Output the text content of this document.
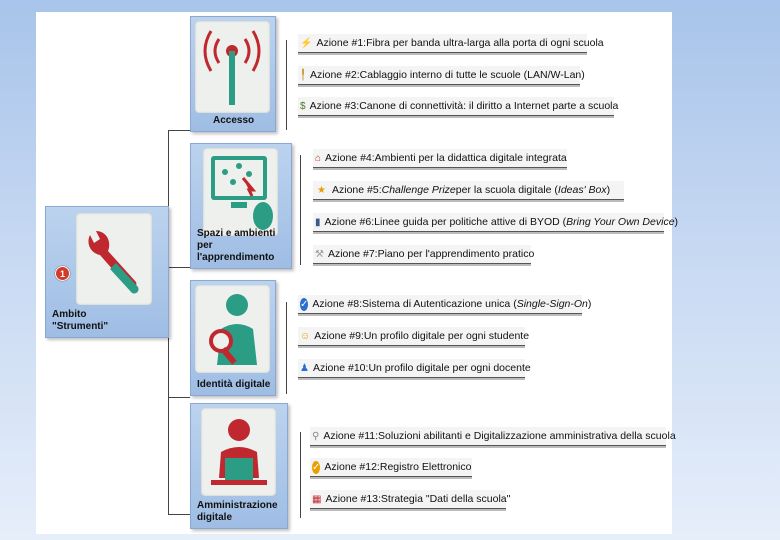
Ambito
"Strumenti"
1
Accesso
Spazi e ambienti
per l'apprendimento
Identità digitale
Amministrazione
digitale
⚡ Azione #1: Fibra per banda ultra-larga alla porta di ogni scuola
╿ Azione #2: Cablaggio interno di tutte le scuole (LAN/W-Lan)
$ Azione #3: Canone di connettività: il diritto a Internet parte a scuola
⌂ Azione #4: Ambienti per la didattica digitale integrata
★ Azione #5: Challenge Prize per la scuola digitale ( Ideas' Box )
▮ Azione #6: Linee guida per politiche attive di BYOD ( Bring Your Own Device )
⚒ Azione #7: Piano per l'apprendimento pratico
✓ Azione #8: Sistema di Autenticazione unica ( Single-Sign-On )
☺ Azione #9: Un profilo digitale per ogni studente
♟ Azione #10: Un profilo digitale per ogni docente
⚲ Azione #11: Soluzioni abilitanti e Digitalizzazione amministrativa della scuola
✓ Azione #12: Registro Elettronico
▦ Azione #13: Strategia "Dati della scuola"
